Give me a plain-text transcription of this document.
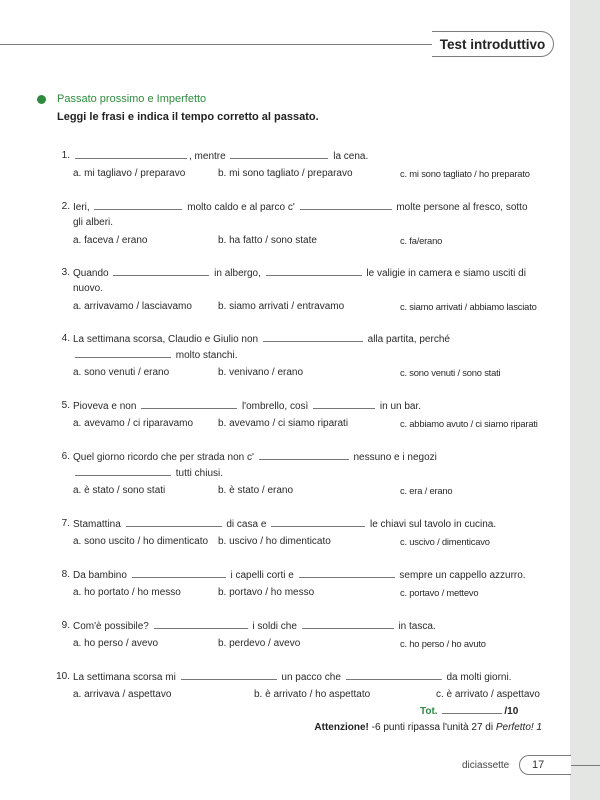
Test introduttivo
Passato prossimo e Imperfetto
Leggi le frasi e indica il tempo corretto al passato.
1.	, mentre	la cena.
a. mi tagliavo / preparavo	b. mi sono tagliato / preparavo	c. mi sono tagliato / ho preparato
2. Ieri,	molto caldo e al parco c'	molte persone al fresco, sotto
gli alberi.
a. faceva / erano	b. ha fatto / sono state	c. fa/erano
3. Quando	in albergo,	le valigie in camera e siamo usciti di
nuovo.
a. arrivavamo / lasciavamo	b. siamo arrivati / entravamo	c. siamo arrivati / abbiamo lasciato
4. La settimana scorsa, Claudio e Giulio non	alla partita, perché
molto stanchi.
a. sono venuti / erano	b. venivano / erano	c. sono venuti / sono stati
5. Pioveva e non	l'ombrello, così	in un bar.
a. avevamo / ci riparavamo b. avevamo / ci siamo riparati	c. abbiamo avuto / ci siamo riparati
6. Quel giorno ricordo che per strada non c'	nessuno e i negozi
tutti chiusi.
a. è stato / sono stati	b. è stato / erano	c. era / erano
7. Stamattina	di casa e	le chiavi sul tavolo in cucina.
a. sono uscito / ho dimenticato b. uscivo / ho dimenticato	c. uscivo / dimenticavo
8. Da bambino	i capelli corti e	sempre un cappello azzurro.
a. ho portato / ho messo	b. portavo / ho messo	c. portavo / mettevo
9. Com'è possibile?	i soldi che	in tasca.
a. ho perso / avevo	b. perdevo / avevo	c. ho perso / ho avuto
10. La settimana scorsa mi	un pacco che	da molti giorni.
a. arrivava / aspettavo	b. è arrivato / ho aspettato	c. è arrivato / aspettavo
Tot.	/10
Attenzione! -6 punti ripassa l'unità 27 di Perfetto! 1
diciassette	17
